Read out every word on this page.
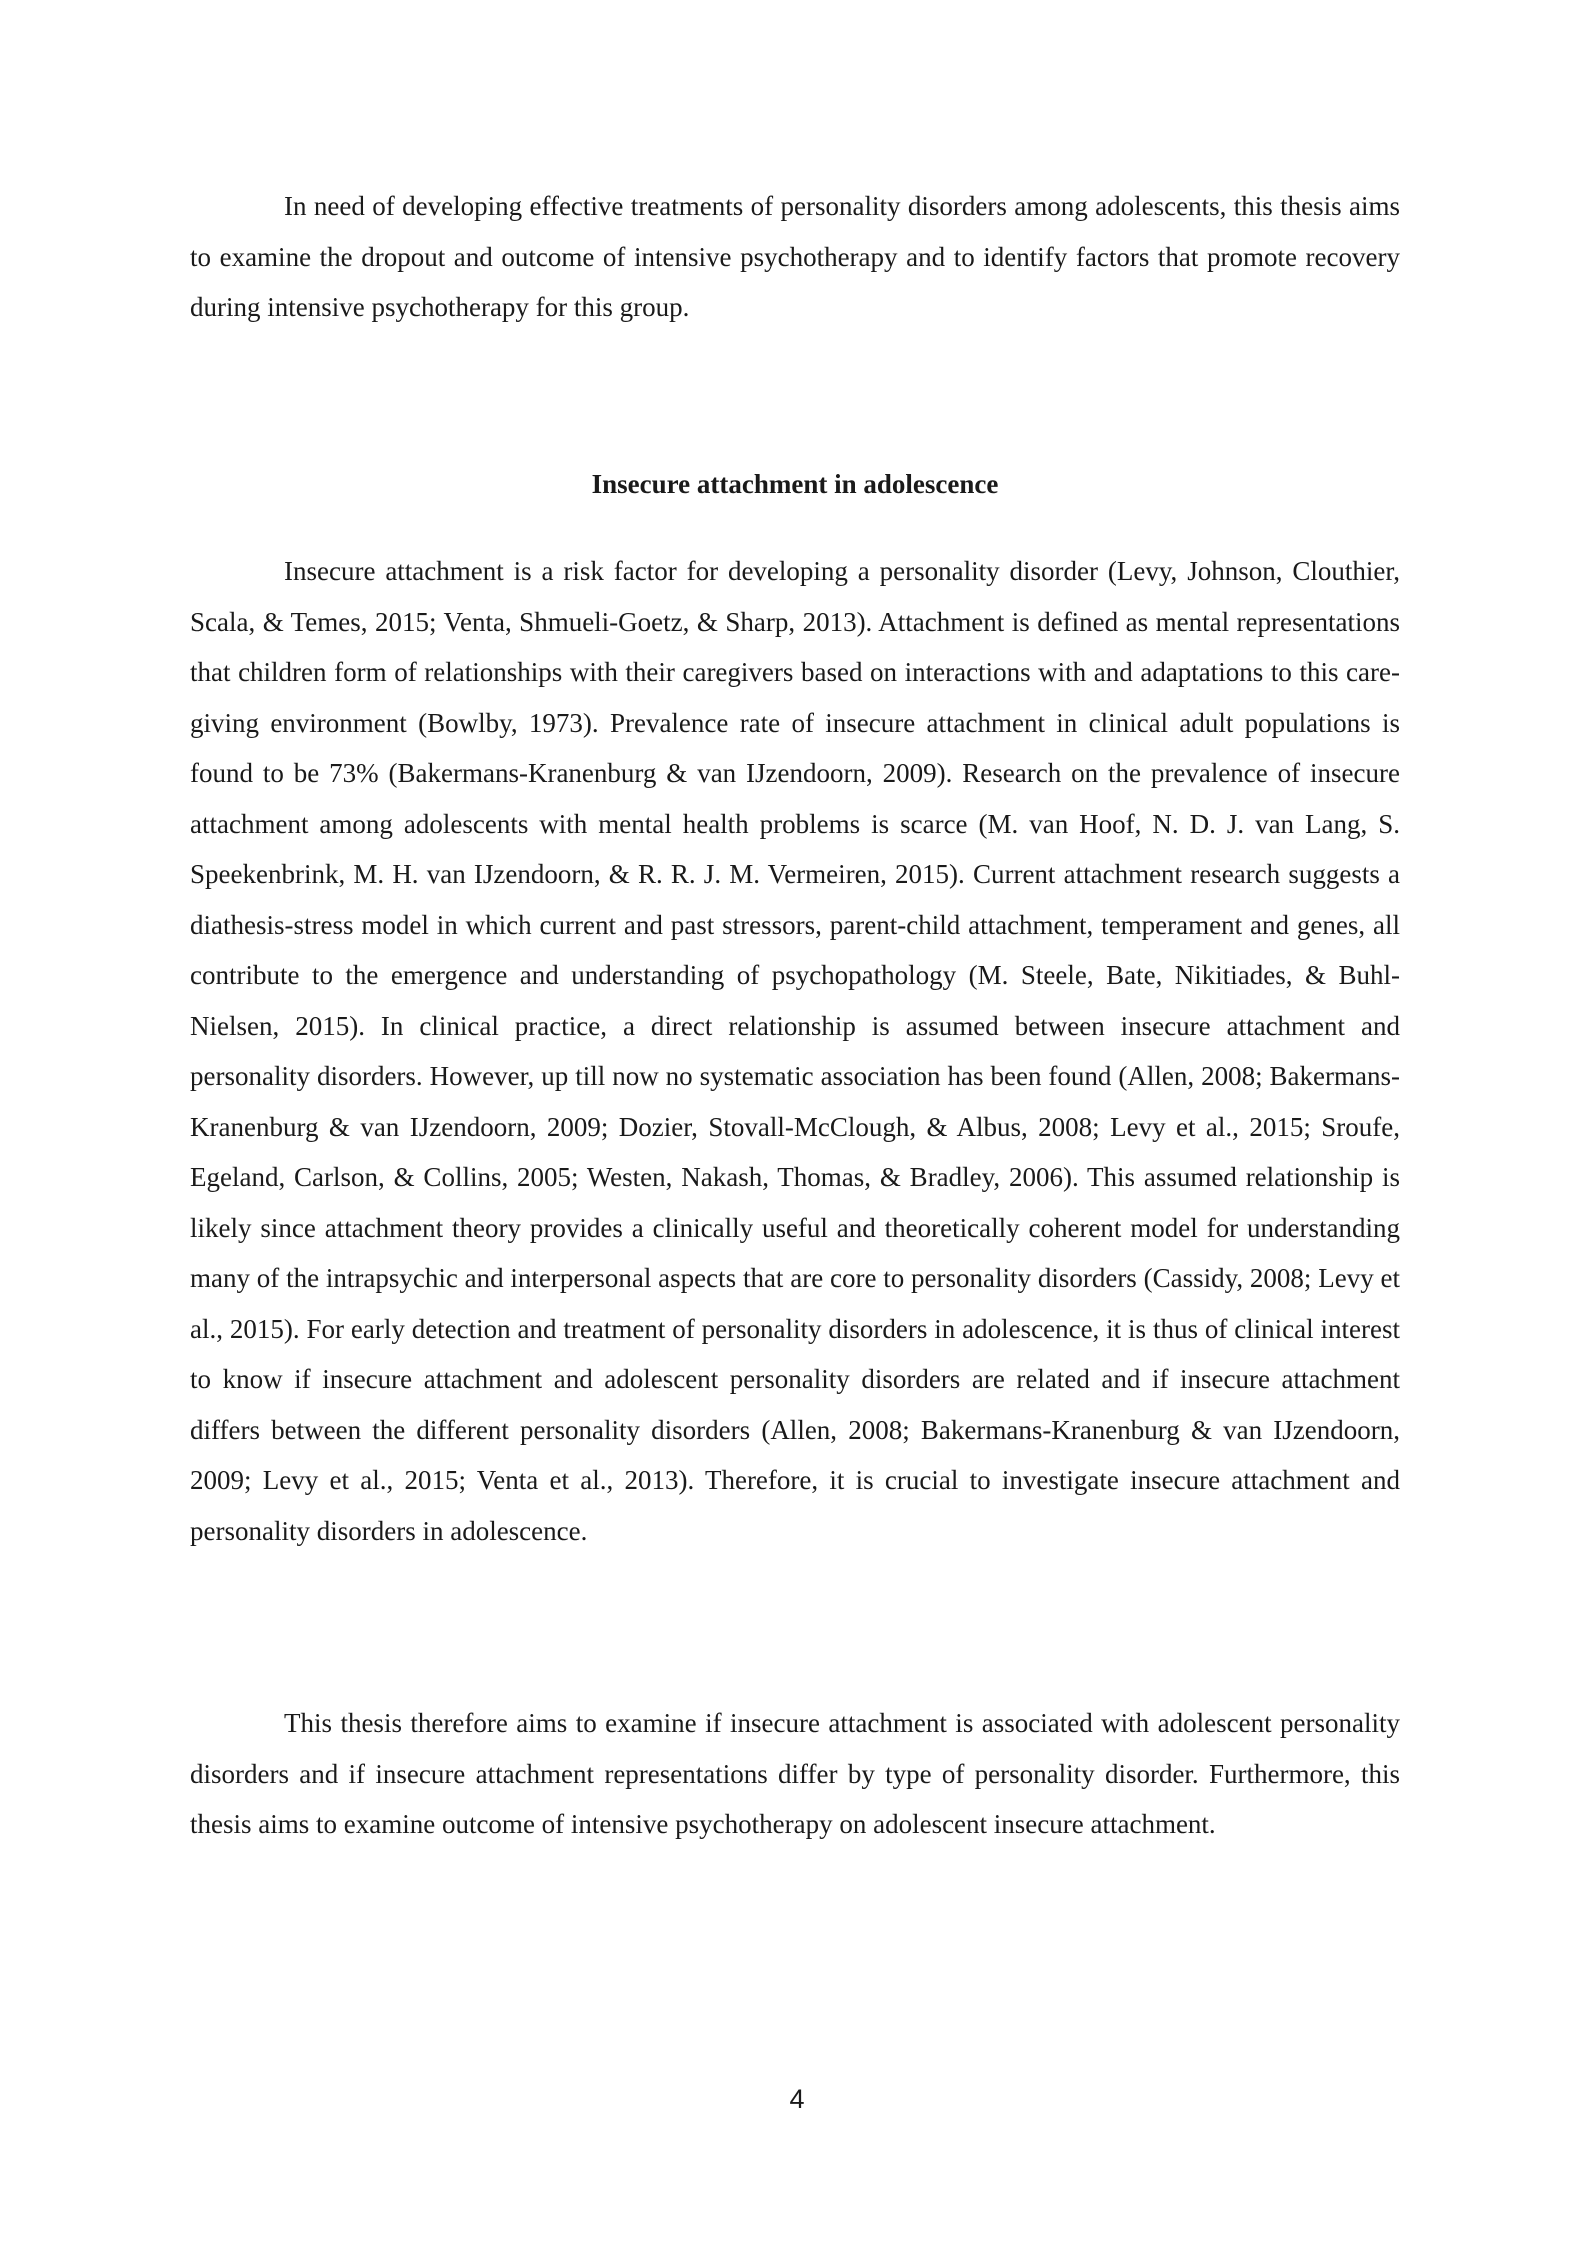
In need of developing effective treatments of personality disorders among adolescents, this thesis aims to examine the dropout and outcome of intensive psychotherapy and to identify factors that promote recovery during intensive psychotherapy for this group.

Insecure attachment in adolescence

Insecure attachment is a risk factor for developing a personality disorder (Levy, Johnson, Clouthier, Scala, & Temes, 2015; Venta, Shmueli-Goetz, & Sharp, 2013). Attachment is defined as mental representations that children form of relationships with their caregivers based on interactions with and adaptations to this care-giving environment (Bowlby, 1973). Prevalence rate of insecure attachment in clinical adult populations is found to be 73% (Bakermans-Kranenburg & van IJzendoorn, 2009). Research on the prevalence of insecure attachment among adolescents with mental health problems is scarce (M. van Hoof, N. D. J. van Lang, S. Speekenbrink, M. H. van IJzendoorn, & R. R. J. M. Vermeiren, 2015). Current attachment research suggests a diathesis-stress model in which current and past stressors, parent-child attachment, temperament and genes, all contribute to the emergence and understanding of psychopathology (M. Steele, Bate, Nikitiades, & Buhl-Nielsen, 2015). In clinical practice, a direct relationship is assumed between insecure attachment and personality disorders. However, up till now no systematic association has been found (Allen, 2008; Bakermans-Kranenburg & van IJzendoorn, 2009; Dozier, Stovall-McClough, & Albus, 2008; Levy et al., 2015; Sroufe, Egeland, Carlson, & Collins, 2005; Westen, Nakash, Thomas, & Bradley, 2006). This assumed relationship is likely since attachment theory provides a clinically useful and theoretically coherent model for understanding many of the intrapsychic and interpersonal aspects that are core to personality disorders (Cassidy, 2008; Levy et al., 2015). For early detection and treatment of personality disorders in adolescence, it is thus of clinical interest to know if insecure attachment and adolescent personality disorders are related and if insecure attachment differs between the different personality disorders (Allen, 2008; Bakermans-Kranenburg & van IJzendoorn, 2009; Levy et al., 2015; Venta et al., 2013). Therefore, it is crucial to investigate insecure attachment and personality disorders in adolescence.

This thesis therefore aims to examine if insecure attachment is associated with adolescent personality disorders and if insecure attachment representations differ by type of personality disorder. Furthermore, this thesis aims to examine outcome of intensive psychotherapy on adolescent insecure attachment.

4
